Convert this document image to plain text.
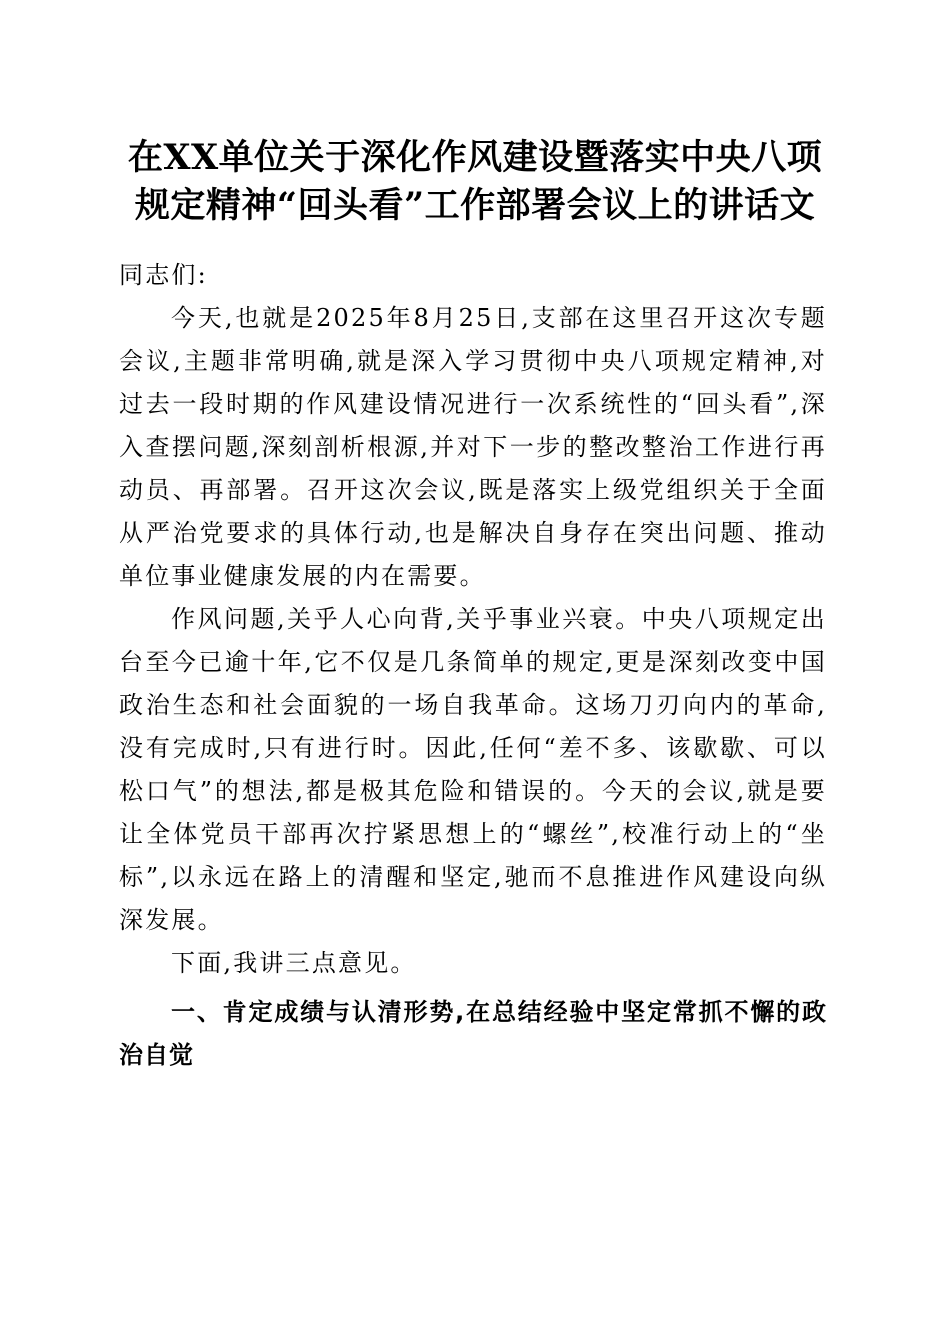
在XX单位关于深化作风建设暨落实中央八项
规定精神“回头看”工作部署会议上的讲话文

同志们:

今天,也就是2025年8月25日,支部在这里召开这次专题会议,主题非常明确,就是深入学习贯彻中央八项规定精神,对过去一段时期的作风建设情况进行一次系统性的“回头看”,深入查摆问题,深刻剖析根源,并对下一步的整改整治工作进行再动员、再部署。召开这次会议,既是落实上级党组织关于全面从严治党要求的具体行动,也是解决自身存在突出问题、推动单位事业健康发展的内在需要。

作风问题,关乎人心向背,关乎事业兴衰。中央八项规定出台至今已逾十年,它不仅是几条简单的规定,更是深刻改变中国政治生态和社会面貌的一场自我革命。这场刀刃向内的革命,没有完成时,只有进行时。因此,任何“差不多、该歇歇、可以松口气”的想法,都是极其危险和错误的。今天的会议,就是要让全体党员干部再次拧紧思想上的“螺丝”,校准行动上的“坐标”,以永远在路上的清醒和坚定,驰而不息推进作风建设向纵深发展。

下面,我讲三点意见。

一、肯定成绩与认清形势,在总结经验中坚定常抓不懈的政治自觉
